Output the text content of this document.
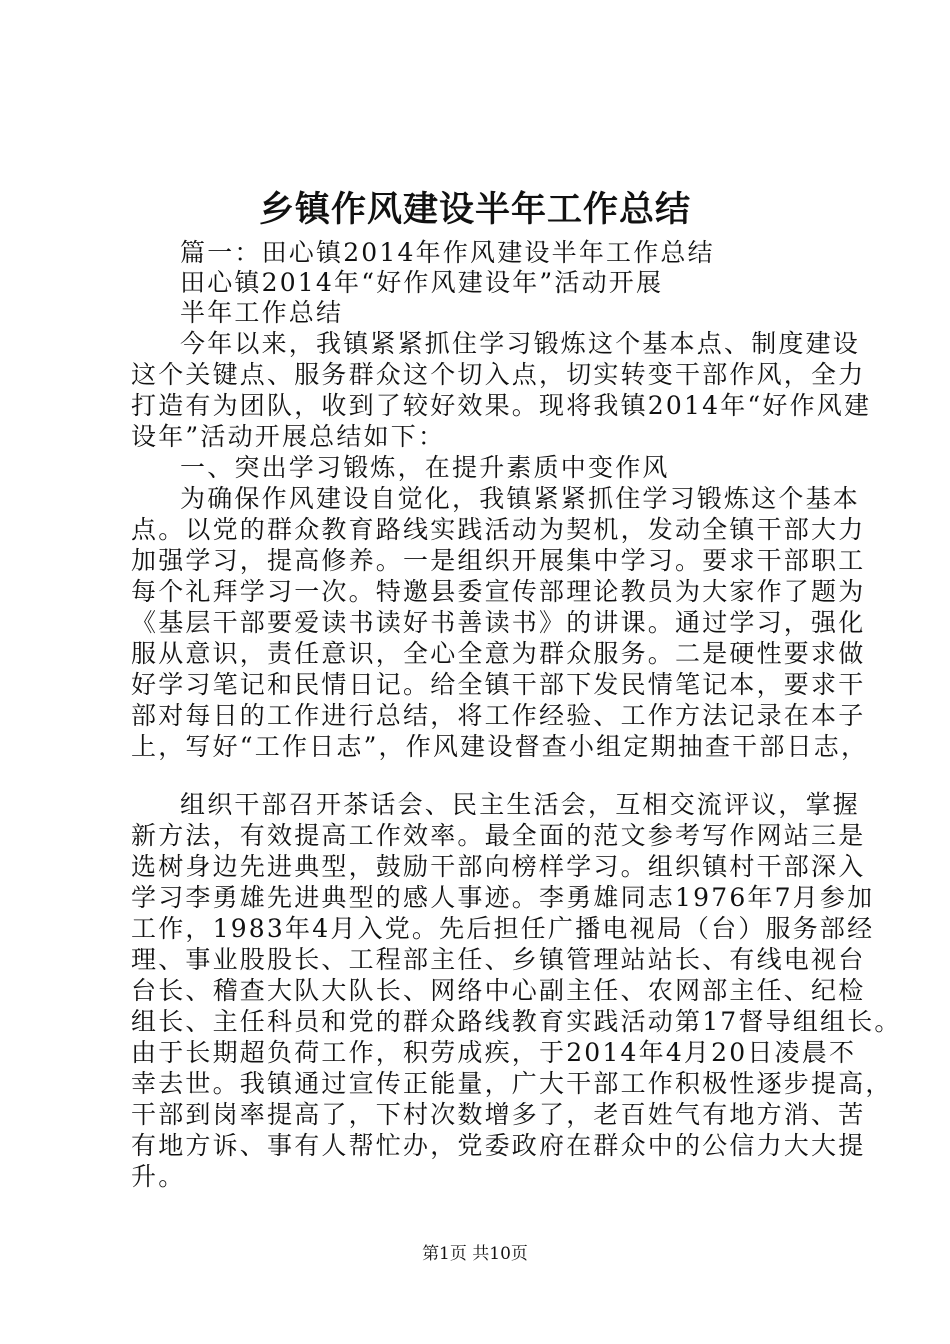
乡镇作风建设半年工作总结
篇一：田心镇2014年作风建设半年工作总结
田心镇2014年“好作风建设年”活动开展
半年工作总结
今年以来，我镇紧紧抓住学习锻炼这个基本点、制度建设
这个关键点、服务群众这个切入点，切实转变干部作风，全力
打造有为团队，收到了较好效果。现将我镇2014年“好作风建
设年”活动开展总结如下：
一、突出学习锻炼，在提升素质中变作风
为确保作风建设自觉化，我镇紧紧抓住学习锻炼这个基本
点。以党的群众教育路线实践活动为契机，发动全镇干部大力
加强学习，提高修养。一是组织开展集中学习。要求干部职工
每个礼拜学习一次。特邀县委宣传部理论教员为大家作了题为
《基层干部要爱读书读好书善读书》的讲课。通过学习，强化
服从意识，责任意识，全心全意为群众服务。二是硬性要求做
好学习笔记和民情日记。给全镇干部下发民情笔记本，要求干
部对每日的工作进行总结，将工作经验、工作方法记录在本子
上，写好“工作日志”，作风建设督查小组定期抽查干部日志，
组织干部召开茶话会、民主生活会，互相交流评议，掌握
新方法，有效提高工作效率。最全面的范文参考写作网站三是
选树身边先进典型，鼓励干部向榜样学习。组织镇村干部深入
学习李勇雄先进典型的感人事迹。李勇雄同志1976年7月参加
工作，1983年4月入党。先后担任广播电视局（台）服务部经
理、事业股股长、工程部主任、乡镇管理站站长、有线电视台
台长、稽查大队大队长、网络中心副主任、农网部主任、纪检
组长、主任科员和党的群众路线教育实践活动第17督导组组长。
由于长期超负荷工作，积劳成疾，于2014年4月20日凌晨不
幸去世。我镇通过宣传正能量，广大干部工作积极性逐步提高，
干部到岗率提高了，下村次数增多了，老百姓气有地方消、苦
有地方诉、事有人帮忙办，党委政府在群众中的公信力大大提
升。
第1页 共10页
